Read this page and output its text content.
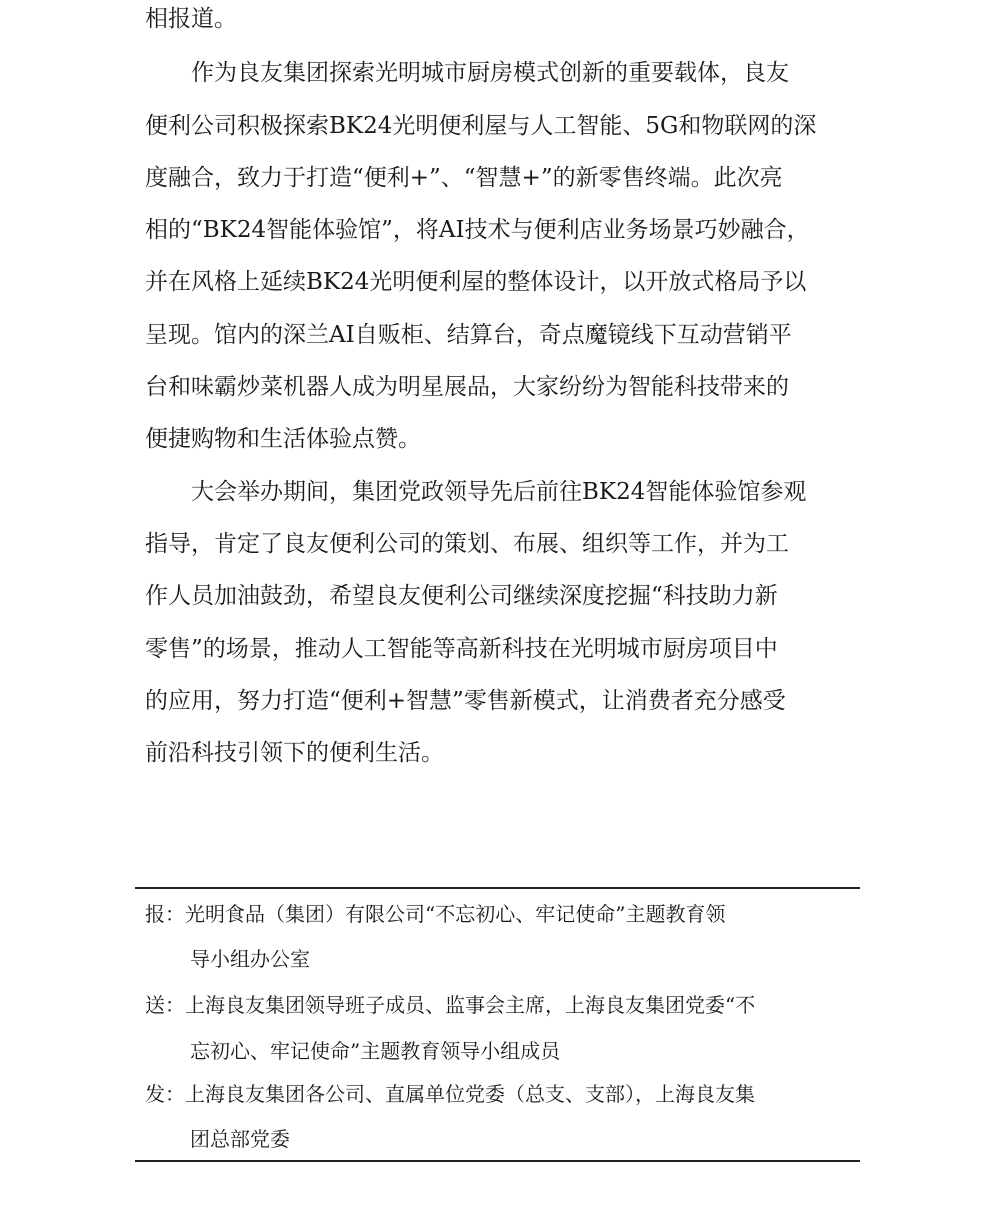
相报道。
作为良友集团探索光明城市厨房模式创新的重要载体，良友
便利公司积极探索BK24光明便利屋与人工智能、5G和物联网的深
度融合，致力于打造“便利+”、“智慧+”的新零售终端。此次亮
相的“BK24智能体验馆”，将AI技术与便利店业务场景巧妙融合，
并在风格上延续BK24光明便利屋的整体设计，以开放式格局予以
呈现。馆内的深兰AI自贩柜、结算台，奇点魔镜线下互动营销平
台和味霸炒菜机器人成为明星展品，大家纷纷为智能科技带来的
便捷购物和生活体验点赞。
大会举办期间，集团党政领导先后前往BK24智能体验馆参观
指导，肯定了良友便利公司的策划、布展、组织等工作，并为工
作人员加油鼓劲，希望良友便利公司继续深度挖掘“科技助力新
零售”的场景，推动人工智能等高新科技在光明城市厨房项目中
的应用，努力打造“便利+智慧”零售新模式，让消费者充分感受
前沿科技引领下的便利生活。
报：光明食品（集团）有限公司“不忘初心、牢记使命”主题教育领
导小组办公室
送：上海良友集团领导班子成员、监事会主席，上海良友集团党委“不
忘初心、牢记使命”主题教育领导小组成员
发：上海良友集团各公司、直属单位党委（总支、支部），上海良友集
团总部党委
